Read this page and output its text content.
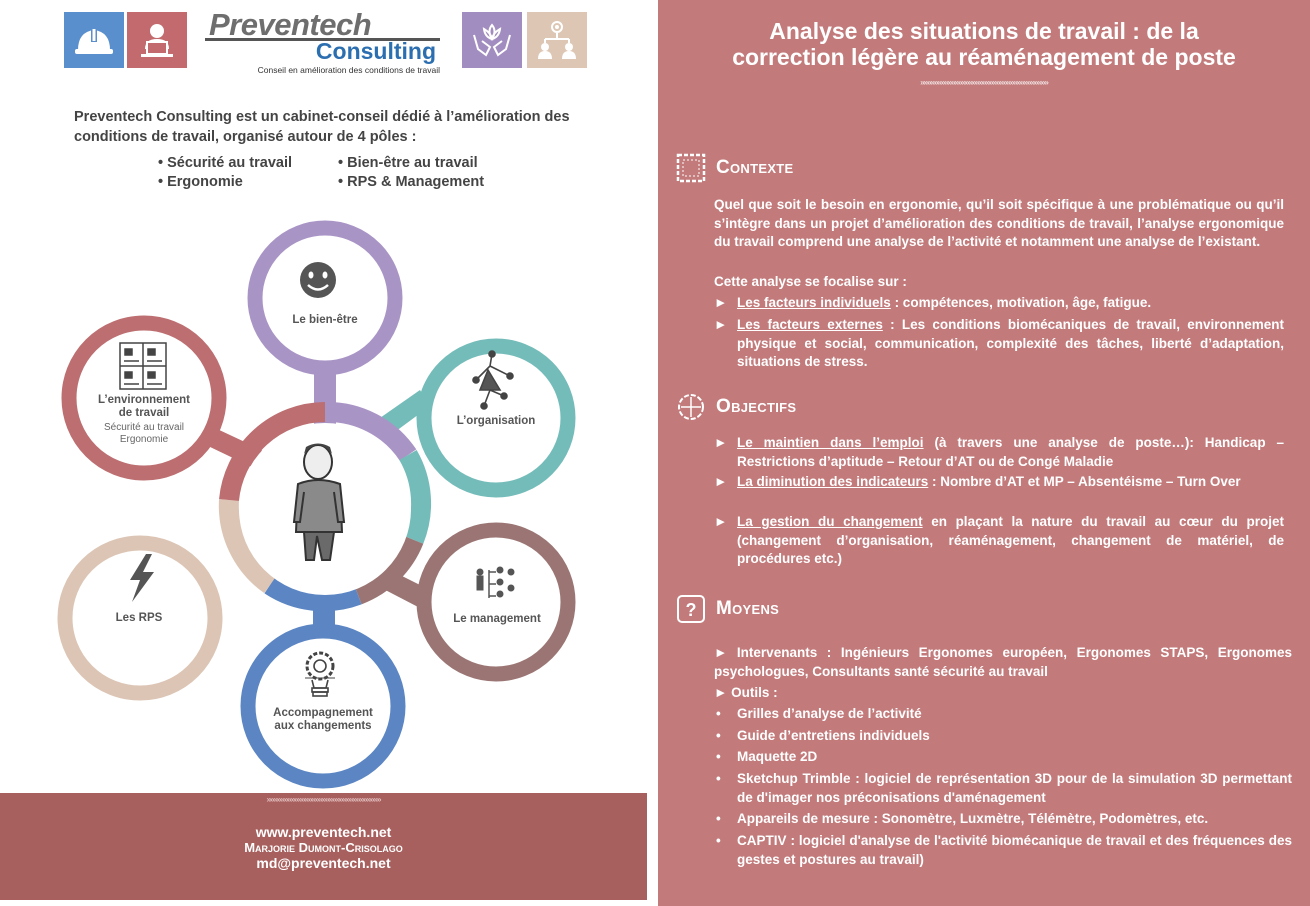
Preventech
Consulting
Conseil en amélioration des conditions de travail
Preventech Consulting est un cabinet-conseil dédié à l’amélioration des conditions de travail, organisé autour de 4 pôles :
• Sécurité au travail	• Bien-être au travail
• Ergonomie	• RPS & Management
Le bien-être
L’organisation
Le management
Accompagnement
aux changements
Les RPS
L’environnement
de travail
Sécurité au travail
Ergonomie
»»»»»»»»»»»»»»»»»»»»»»»»»»»»»»»»»
www.preventech.net
Marjorie Dumont-Crisolago
md@preventech.net
Analyse des situations de travail : de la
correction légère au réaménagement de poste
»»»»»»»»»»»»»»»»»»»»»»»»»»»»»»»»»»»»»
Contexte
Quel que soit le besoin en ergonomie, qu’il soit spécifique à une problématique ou qu’il s’intègre dans un projet d’amélioration des conditions de travail, l’analyse ergonomique du travail comprend une analyse de l’activité et notamment une analyse de l’existant.
Cette analyse se focalise sur :
► Les facteurs individuels : compétences, motivation, âge, fatigue.
► Les facteurs externes : Les conditions biomécaniques de travail, environnement physique et social, communication, complexité des tâches, liberté d’adaptation, situations de stress.
Objectifs
► Le maintien dans l’emploi (à travers une analyse de poste…): Handicap – Restrictions d’aptitude – Retour d’AT ou de Congé Maladie
► La diminution des indicateurs : Nombre d’AT et MP – Absentéisme – Turn Over
► La gestion du changement en plaçant la nature du travail au cœur du projet (changement d’organisation, réaménagement, changement de matériel, de procédures etc.)
? Moyens
► Intervenants : Ingénieurs Ergonomes européen, Ergonomes STAPS, Ergonomes psychologues, Consultants santé sécurité au travail
► Outils :
• Grilles d’analyse de l’activité
• Guide d’entretiens individuels
• Maquette 2D
• Sketchup Trimble : logiciel de représentation 3D pour de la simulation 3D permettant de d'imager nos préconisations d'aménagement
• Appareils de mesure : Sonomètre, Luxmètre, Télémètre, Podomètres, etc.
• CAPTIV : logiciel d'analyse de l'activité biomécanique de travail et des fréquences des gestes et postures au travail)
